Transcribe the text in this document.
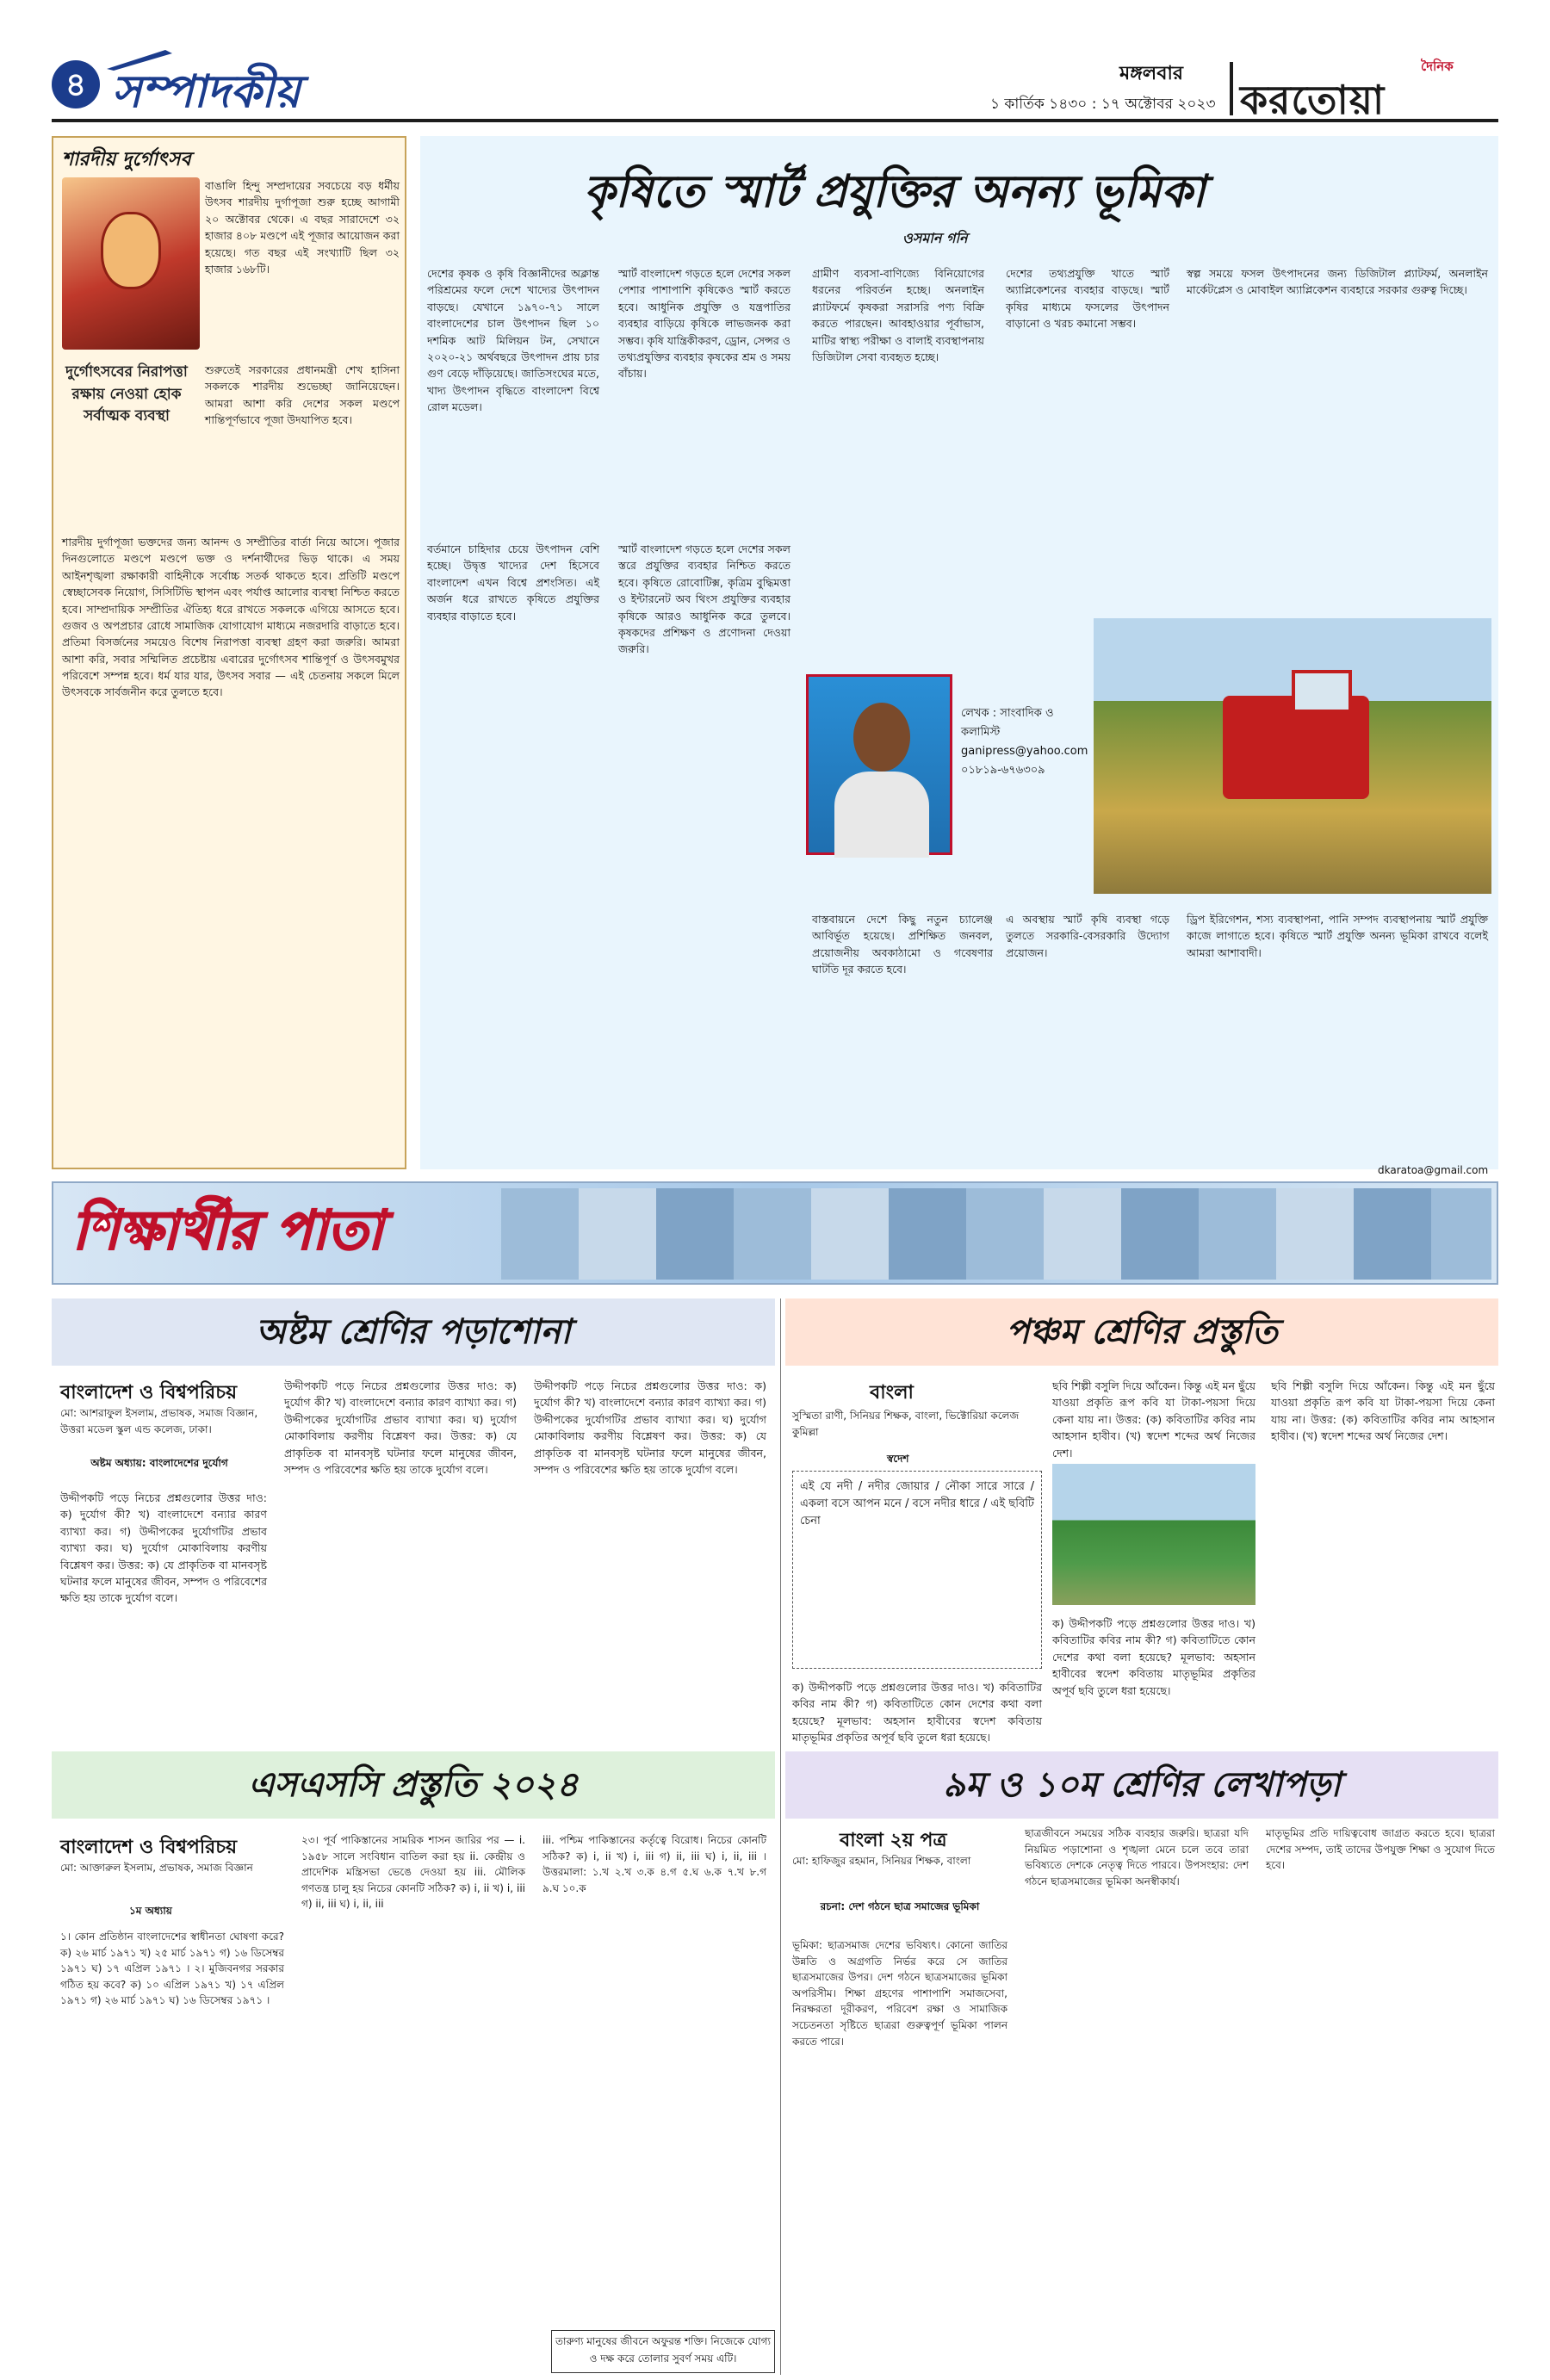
৪ সম্পাদকীয়	মঙ্গলবার
১ কার্তিক ১৪৩০ : ১৭ অক্টোবর ২০২৩
দৈনিক
করতোয়া
শারদীয় দুর্গোৎসব

বাঙালি হিন্দু সম্প্রদায়ের সবচেয়ে বড় ধর্মীয় উৎসব শারদীয় দুর্গাপূজা শুরু হচ্ছে আগামী ২০ অক্টোবর থেকে। এ বছর সারাদেশে ৩২ হাজার ৪০৮ মণ্ডপে এই পূজার আয়োজন করা হয়েছে। গত বছর এই সংখ্যাটি ছিল ৩২ হাজার ১৬৮টি।

দুর্গোৎসবের নিরাপত্তা রক্ষায় নেওয়া হোক সর্বাত্মক ব্যবস্থা

শুরুতেই সরকারের প্রধানমন্ত্রী শেখ হাসিনা সকলকে শারদীয় শুভেচ্ছা জানিয়েছেন। আমরা আশা করি দেশের সকল মণ্ডপে শান্তিপূর্ণভাবে পূজা উদযাপিত হবে।

শারদীয় দুর্গাপূজা ভক্তদের জন্য আনন্দ ও সম্প্রীতির বার্তা নিয়ে আসে। পূজার দিনগুলোতে মণ্ডপে মণ্ডপে ভক্ত ও দর্শনার্থীদের ভিড় থাকে। এ সময় আইনশৃঙ্খলা রক্ষাকারী বাহিনীকে সর্বোচ্চ সতর্ক থাকতে হবে। প্রতিটি মণ্ডপে স্বেচ্ছাসেবক নিয়োগ, সিসিটিভি স্থাপন এবং পর্যাপ্ত আলোর ব্যবস্থা নিশ্চিত করতে হবে। সাম্প্রদায়িক সম্প্রীতির ঐতিহ্য ধরে রাখতে সকলকে এগিয়ে আসতে হবে। গুজব ও অপপ্রচার রোধে সামাজিক যোগাযোগ মাধ্যমে নজরদারি বাড়াতে হবে। প্রতিমা বিসর্জনের সময়েও বিশেষ নিরাপত্তা ব্যবস্থা গ্রহণ করা জরুরি। আমরা আশা করি, সবার সম্মিলিত প্রচেষ্টায় এবারের দুর্গোৎসব শান্তিপূর্ণ ও উৎসবমুখর পরিবেশে সম্পন্ন হবে। ধর্ম যার যার, উৎসব সবার — এই চেতনায় সকলে মিলে উৎসবকে সার্বজনীন করে তুলতে হবে।

কৃষিতে স্মার্ট প্রযুক্তির অনন্য ভূমিকা
ওসমান গনি

দেশের কৃষক ও কৃষি বিজ্ঞানীদের অক্লান্ত পরিশ্রমের ফলে দেশে খাদ্যের উৎপাদন বাড়ছে। যেখানে ১৯৭০-৭১ সালে বাংলাদেশের চাল উৎপাদন ছিল ১০ দশমিক আট মিলিয়ন টন, সেখানে ২০২০-২১ অর্থবছরে উৎপাদন প্রায় চার গুণ বেড়ে দাঁড়িয়েছে। জাতিসংঘের মতে, খাদ্য উৎপাদন বৃদ্ধিতে বাংলাদেশ বিশ্বে রোল মডেল।

বর্তমানে চাহিদার চেয়ে উৎপাদন বেশি হচ্ছে। উদ্বৃত্ত খাদ্যের দেশ হিসেবে বাংলাদেশ এখন বিশ্বে প্রশংসিত। এই অর্জন ধরে রাখতে কৃষিতে প্রযুক্তির ব্যবহার বাড়াতে হবে।

স্মার্ট বাংলাদেশ গড়তে হলে দেশের সকল পেশার পাশাপাশি কৃষিকেও স্মার্ট করতে হবে। আধুনিক প্রযুক্তি ও যন্ত্রপাতির ব্যবহার বাড়িয়ে কৃষিকে লাভজনক করা সম্ভব। কৃষি যান্ত্রিকীকরণ, ড্রোন, সেন্সর ও তথ্যপ্রযুক্তির ব্যবহার কৃষকের শ্রম ও সময় বাঁচায়।

স্মার্ট বাংলাদেশ গড়তে হলে দেশের সকল স্তরে প্রযুক্তির ব্যবহার নিশ্চিত করতে হবে। কৃষিতে রোবোটিক্স, কৃত্রিম বুদ্ধিমত্তা ও ইন্টারনেট অব থিংস প্রযুক্তির ব্যবহার কৃষিকে আরও আধুনিক করে তুলবে। কৃষকদের প্রশিক্ষণ ও প্রণোদনা দেওয়া জরুরি।

গ্রামীণ ব্যবসা-বাণিজ্যে বিনিয়োগের ধরনের পরিবর্তন হচ্ছে। অনলাইন প্ল্যাটফর্মে কৃষকরা সরাসরি পণ্য বিক্রি করতে পারছেন। আবহাওয়ার পূর্বাভাস, মাটির স্বাস্থ্য পরীক্ষা ও বালাই ব্যবস্থাপনায় ডিজিটাল সেবা ব্যবহৃত হচ্ছে।

দেশের তথ্যপ্রযুক্তি খাতে স্মার্ট অ্যাপ্লিকেশনের ব্যবহার বাড়ছে। স্মার্ট কৃষির মাধ্যমে ফসলের উৎপাদন বাড়ানো ও খরচ কমানো সম্ভব।

স্বল্প সময়ে ফসল উৎপাদনের জন্য ডিজিটাল প্ল্যাটফর্ম, অনলাইন মার্কেটপ্লেস ও মোবাইল অ্যাপ্লিকেশন ব্যবহারে সরকার গুরুত্ব দিচ্ছে।

লেখক : সাংবাদিক ও কলামিস্ট
ganipress@yahoo.com
০১৮১৯-৬৭৬৩০৯

বাস্তবায়নে দেশে কিছু নতুন চ্যালেঞ্জ আবির্ভূত হয়েছে। প্রশিক্ষিত জনবল, প্রয়োজনীয় অবকাঠামো ও গবেষণার ঘাটতি দূর করতে হবে।

এ অবস্থায় স্মার্ট কৃষি ব্যবস্থা গড়ে তুলতে সরকারি-বেসরকারি উদ্যোগ প্রয়োজন।

ড্রিপ ইরিগেশন, শস্য ব্যবস্থাপনা, পানি সম্পদ ব্যবস্থাপনায় স্মার্ট প্রযুক্তি কাজে লাগাতে হবে। কৃষিতে স্মার্ট প্রযুক্তি অনন্য ভূমিকা রাখবে বলেই আমরা আশাবাদী।

dkaratoa@gmail.com
শিক্ষার্থীর পাতা
অষ্টম শ্রেণির পড়াশোনা
বাংলাদেশ ও বিশ্বপরিচয়
মো: আশরাফুল ইসলাম, প্রভাষক, সমাজ বিজ্ঞান, উত্তরা মডেল স্কুল এন্ড কলেজ, ঢাকা।
অষ্টম অধ্যায়: বাংলাদেশের দুর্যোগ

উদ্দীপকটি পড়ে নিচের প্রশ্নগুলোর উত্তর দাও: ক) দুর্যোগ কী? খ) বাংলাদেশে বন্যার কারণ ব্যাখ্যা কর। গ) উদ্দীপকের দুর্যোগটির প্রভাব ব্যাখ্যা কর। ঘ) দুর্যোগ মোকাবিলায় করণীয় বিশ্লেষণ কর। উত্তর: ক) যে প্রাকৃতিক বা মানবসৃষ্ট ঘটনার ফলে মানুষের জীবন, সম্পদ ও পরিবেশের ক্ষতি হয় তাকে দুর্যোগ বলে।

উদ্দীপকটি পড়ে নিচের প্রশ্নগুলোর উত্তর দাও: ক) দুর্যোগ কী? খ) বাংলাদেশে বন্যার কারণ ব্যাখ্যা কর। গ) উদ্দীপকের দুর্যোগটির প্রভাব ব্যাখ্যা কর। ঘ) দুর্যোগ মোকাবিলায় করণীয় বিশ্লেষণ কর। উত্তর: ক) যে প্রাকৃতিক বা মানবসৃষ্ট ঘটনার ফলে মানুষের জীবন, সম্পদ ও পরিবেশের ক্ষতি হয় তাকে দুর্যোগ বলে।

উদ্দীপকটি পড়ে নিচের প্রশ্নগুলোর উত্তর দাও: ক) দুর্যোগ কী? খ) বাংলাদেশে বন্যার কারণ ব্যাখ্যা কর। গ) উদ্দীপকের দুর্যোগটির প্রভাব ব্যাখ্যা কর। ঘ) দুর্যোগ মোকাবিলায় করণীয় বিশ্লেষণ কর। উত্তর: ক) যে প্রাকৃতিক বা মানবসৃষ্ট ঘটনার ফলে মানুষের জীবন, সম্পদ ও পরিবেশের ক্ষতি হয় তাকে দুর্যোগ বলে।

পঞ্চম শ্রেণির প্রস্তুতি
বাংলা
সুস্মিতা রাণী, সিনিয়র শিক্ষক, বাংলা, ভিক্টোরিয়া কলেজ কুমিল্লা
স্বদেশ

এই যে নদী / নদীর জোয়ার / নৌকা সারে সারে / একলা বসে আপন মনে / বসে নদীর ধারে / এই ছবিটি চেনা

ক) উদ্দীপকটি পড়ে প্রশ্নগুলোর উত্তর দাও। খ) কবিতাটির কবির নাম কী? গ) কবিতাটিতে কোন দেশের কথা বলা হয়েছে? মূলভাব: অহসান হাবীবের স্বদেশ কবিতায় মাতৃভূমির প্রকৃতির অপূর্ব ছবি তুলে ধরা হয়েছে।

ছবি শিল্পী বসুলি দিয়ে আঁকেন। কিন্তু এই মন ছুঁয়ে যাওয়া প্রকৃতি রূপ কবি যা টাকা-পয়সা দিয়ে কেনা যায় না। উত্তর: (ক) কবিতাটির কবির নাম আহসান হাবীব। (খ) স্বদেশ শব্দের অর্থ নিজের দেশ।

ক) উদ্দীপকটি পড়ে প্রশ্নগুলোর উত্তর দাও। খ) কবিতাটির কবির নাম কী? গ) কবিতাটিতে কোন দেশের কথা বলা হয়েছে? মূলভাব: অহসান হাবীবের স্বদেশ কবিতায় মাতৃভূমির প্রকৃতির অপূর্ব ছবি তুলে ধরা হয়েছে।

ছবি শিল্পী বসুলি দিয়ে আঁকেন। কিন্তু এই মন ছুঁয়ে যাওয়া প্রকৃতি রূপ কবি যা টাকা-পয়সা দিয়ে কেনা যায় না। উত্তর: (ক) কবিতাটির কবির নাম আহসান হাবীব। (খ) স্বদেশ শব্দের অর্থ নিজের দেশ।

এসএসসি প্রস্তুতি ২০২৪
বাংলাদেশ ও বিশ্বপরিচয়
মো: আক্তারুল ইসলাম, প্রভাষক, সমাজ বিজ্ঞান
১ম অধ্যায়

১। কোন প্রতিষ্ঠান বাংলাদেশের স্বাধীনতা ঘোষণা করে? ক) ২৬ মার্চ ১৯৭১ খ) ২৫ মার্চ ১৯৭১ গ) ১৬ ডিসেম্বর ১৯৭১ ঘ) ১৭ এপ্রিল ১৯৭১ । ২। মুজিবনগর সরকার গঠিত হয় কবে? ক) ১০ এপ্রিল ১৯৭১ খ) ১৭ এপ্রিল ১৯৭১ গ) ২৬ মার্চ ১৯৭১ ঘ) ১৬ ডিসেম্বর ১৯৭১ ।

২৩। পূর্ব পাকিস্তানের সামরিক শাসন জারির পর — i. ১৯৫৮ সালে সংবিধান বাতিল করা হয় ii. কেন্দ্রীয় ও প্রাদেশিক মন্ত্রিসভা ভেঙে দেওয়া হয় iii. মৌলিক গণতন্ত্র চালু হয় নিচের কোনটি সঠিক? ক) i, ii খ) i, iii গ) ii, iii ঘ) i, ii, iii

iii. পশ্চিম পাকিস্তানের কর্তৃত্বে বিরোধ। নিচের কোনটি সঠিক? ক) i, ii খ) i, iii গ) ii, iii ঘ) i, ii, iii । উত্তরমালা: ১.খ ২.খ ৩.ক ৪.গ ৫.ঘ ৬.ক ৭.খ ৮.গ ৯.ঘ ১০.ক

তারুণ্য মানুষের জীবনে অফুরন্ত শক্তি। নিজেকে যোগ্য ও দক্ষ করে তোলার সুবর্ণ সময় এটি।
৯ম ও ১০ম শ্রেণির লেখাপড়া
বাংলা ২য় পত্র
মো: হাফিজুর রহমান, সিনিয়র শিক্ষক, বাংলা
রচনা: দেশ গঠনে ছাত্র সমাজের ভূমিকা

ভূমিকা: ছাত্রসমাজ দেশের ভবিষ্যৎ। কোনো জাতির উন্নতি ও অগ্রগতি নির্ভর করে সে জাতির ছাত্রসমাজের উপর। দেশ গঠনে ছাত্রসমাজের ভূমিকা অপরিসীম। শিক্ষা গ্রহণের পাশাপাশি সমাজসেবা, নিরক্ষরতা দূরীকরণ, পরিবেশ রক্ষা ও সামাজিক সচেতনতা সৃষ্টিতে ছাত্ররা গুরুত্বপূর্ণ ভূমিকা পালন করতে পারে।

ছাত্রজীবনে সময়ের সঠিক ব্যবহার জরুরি। ছাত্ররা যদি নিয়মিত পড়াশোনা ও শৃঙ্খলা মেনে চলে তবে তারা ভবিষ্যতে দেশকে নেতৃত্ব দিতে পারবে। উপসংহার: দেশ গঠনে ছাত্রসমাজের ভূমিকা অনস্বীকার্য।

মাতৃভূমির প্রতি দায়িত্ববোধ জাগ্রত করতে হবে। ছাত্ররা দেশের সম্পদ, তাই তাদের উপযুক্ত শিক্ষা ও সুযোগ দিতে হবে।
